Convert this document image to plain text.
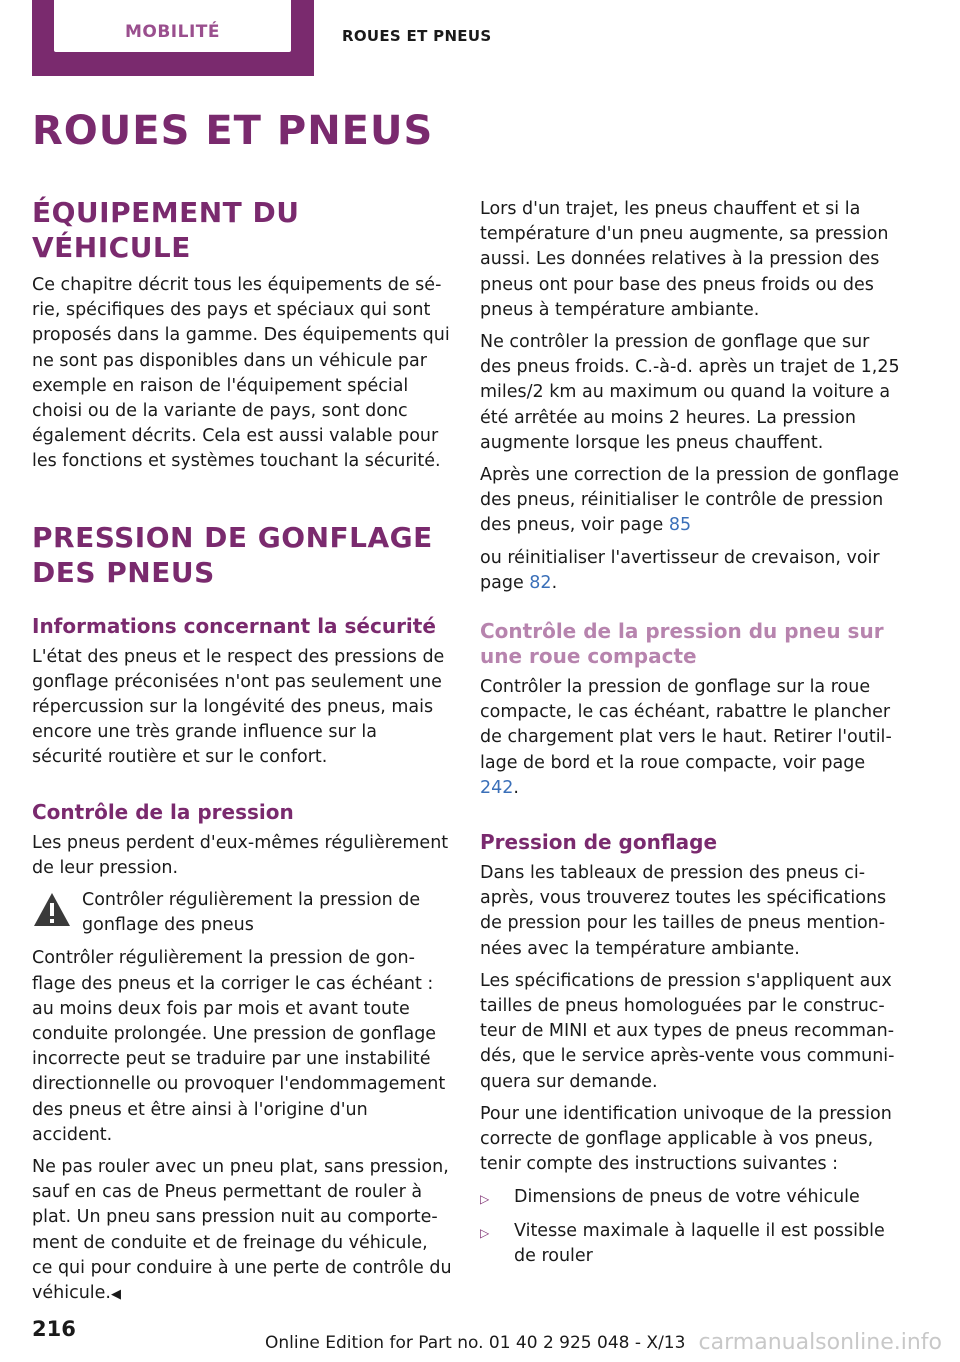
MOBILITÉ	ROUES ET PNEUS
ROUES ET PNEUS
ÉQUIPEMENT DU VÉHICULE

Ce chapitre décrit tous les équipements de série, spécifiques des pays et spéciaux qui sont proposés dans la gamme. Des équipements qui ne sont pas disponibles dans un véhicule par exemple en raison de l'équipement spécial choisi ou de la variante de pays, sont donc également décrits. Cela est aussi valable pour les fonctions et systèmes touchant la sécurité.

PRESSION DE GONFLAGE DES PNEUS
Informations concernant la sécurité

L'état des pneus et le respect des pressions de gonflage préconisées n'ont pas seulement une répercussion sur la longévité des pneus, mais encore une très grande influence sur la sécurité routière et sur le confort.

Contrôle de la pression

Les pneus perdent d'eux-mêmes régulièrement de leur pression.

Contrôler régulièrement la pression de gonflage des pneus

Contrôler régulièrement la pression de gonflage des pneus et la corriger le cas échéant : au moins deux fois par mois et avant toute conduite prolongée. Une pression de gonflage incorrecte peut se traduire par une instabilité directionnelle ou provoquer l'endommagement des pneus et être ainsi à l'origine d'un accident.

Ne pas rouler avec un pneu plat, sans pression, sauf en cas de Pneus permettant de rouler à plat. Un pneu sans pression nuit au comportement de conduite et de freinage du véhicule, ce qui pour conduire à une perte de contrôle du véhicule.◀

Lors d'un trajet, les pneus chauffent et si la température d'un pneu augmente, sa pression aussi. Les données relatives à la pression des pneus ont pour base des pneus froids ou des pneus à température ambiante.

Ne contrôler la pression de gonflage que sur des pneus froids. C.-à-d. après un trajet de 1,25 miles/2 km au maximum ou quand la voiture a été arrêtée au moins 2 heures. La pression augmente lorsque les pneus chauffent.

Après une correction de la pression de gonflage des pneus, réinitialiser le contrôle de pression des pneus, voir page 85

ou réinitialiser l'avertisseur de crevaison, voir page 82.

Contrôle de la pression du pneu sur une roue compacte

Contrôler la pression de gonflage sur la roue compacte, le cas échéant, rabattre le plancher de chargement plat vers le haut. Retirer l'outillage de bord et la roue compacte, voir page 242.

Pression de gonflage

Dans les tableaux de pression des pneus ci-après, vous trouverez toutes les spécifications de pression pour les tailles de pneus mentionnées avec la température ambiante.

Les spécifications de pression s'appliquent aux tailles de pneus homologuées par le constructeur de MINI et aux types de pneus recommandés, que le service après-vente vous communiquera sur demande.

Pour une identification univoque de la pression correcte de gonflage applicable à vos pneus, tenir compte des instructions suivantes :

▷	Dimensions de pneus de votre véhicule
▷	Vitesse maximale à laquelle il est possible de rouler
216
Online Edition for Part no. 01 40 2 925 048 - X/13 carmanualsonline.info
